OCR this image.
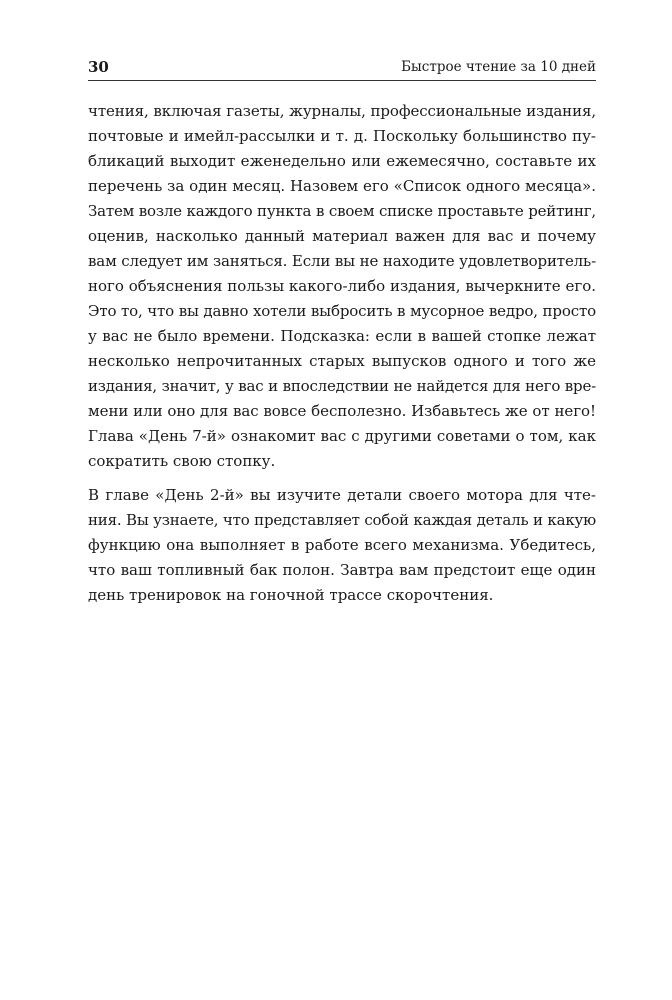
30	Быстрое чтение за 10 дней
чтения, включая газеты, журналы, профессиональные издания,
почтовые и имейл-рассылки и т. д. Поскольку большинство пу-
бликаций выходит еженедельно или ежемесячно, составьте их
перечень за один месяц. Назовем его «Список одного месяца».
Затем возле каждого пункта в своем списке проставьте рейтинг,
оценив, насколько данный материал важен для вас и почему
вам следует им заняться. Если вы не находите удовлетворитель-
ного объяснения пользы какого-либо издания, вычеркните его.
Это то, что вы давно хотели выбросить в мусорное ведро, просто
у вас не было времени. Подсказка: если в вашей стопке лежат
несколько непрочитанных старых выпусков одного и того же
издания, значит, у вас и впоследствии не найдется для него вре-
мени или оно для вас вовсе бесполезно. Избавьтесь же от него!
Глава «День 7-й» ознакомит вас с другими советами о том, как
сократить свою стопку.
В главе «День 2-й» вы изучите детали своего мотора для чте-
ния. Вы узнаете, что представляет собой каждая деталь и какую
функцию она выполняет в работе всего механизма. Убедитесь,
что ваш топливный бак полон. Завтра вам предстоит еще один
день тренировок на гоночной трассе скорочтения.
